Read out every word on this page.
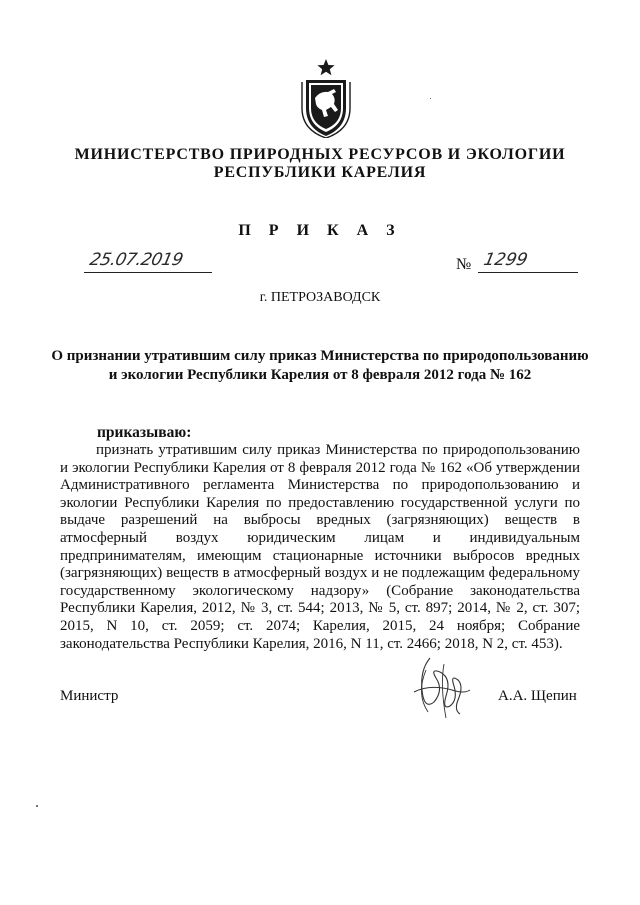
МИНИСТЕРСТВО ПРИРОДНЫХ РЕСУРСОВ И ЭКОЛОГИИ
РЕСПУБЛИКИ КАРЕЛИЯ
П Р И К А З
25.07.2019	№ 1299
г. ПЕТРОЗАВОДСК
О признании утратившим силу приказ Министерства по природопользованию
и экологии Республики Карелия от 8 февраля 2012 года № 162
приказываю:
признать утратившим силу приказ Министерства по природопользованию и экологии Республики Карелия от 8 февраля 2012 года № 162 «Об утверждении Административного регламента Министерства по природопользованию и экологии Республики Карелия по предоставлению государственной услуги по выдаче разрешений на выбросы вредных (загрязняющих) веществ в атмосферный воздух юридическим лицам и индивидуальным предпринимателям, имеющим стационарные источники выбросов вредных (загрязняющих) веществ в атмосферный воздух и не подлежащим федеральному государственному экологическому надзору» (Собрание законодательства Республики Карелия, 2012, № 3, ст. 544; 2013, № 5, ст. 897; 2014, № 2, ст. 307; 2015, N 10, ст. 2059; ст. 2074; Карелия, 2015, 24 ноября; Собрание законодательства Республики Карелия, 2016, N 11, ст. 2466; 2018, N 2, ст. 453).
Министр	А.А. Щепин
